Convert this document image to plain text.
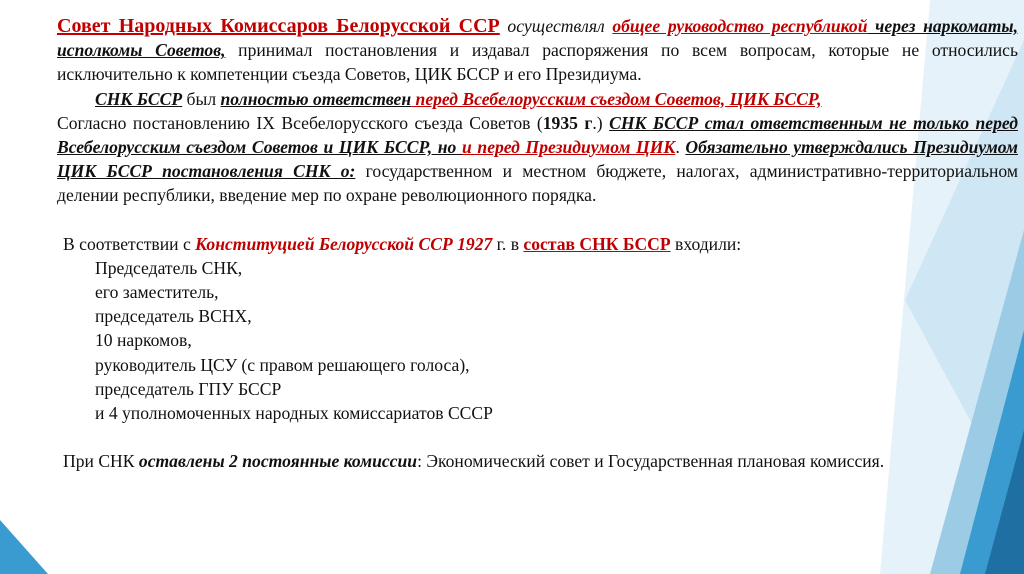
Совет Народных Комиссаров Белорусской ССР осуществлял общее руководство республикой через наркоматы, исполкомы Советов, принимал постановления и издавал распоряжения по всем вопросам, которые не относились исключительно к компетенции съезда Советов, ЦИК БССР и его Президиума.

СНК БССР был полностью ответствен перед Всебелорусским съездом Советов, ЦИК БССР,

Согласно постановлению IX Всебелорусского съезда Советов (1935 г.) СНК БССР стал ответственным не только перед Всебелорусским съездом Советов и ЦИК БССР, но и перед Президиумом ЦИК. Обязательно утверждались Президиумом ЦИК БССР постановления СНК о: государственном и местном бюджете, налогах, административно-территориальном делении республики, введение мер по охране революционного порядка.

В соответствии с Конституцией Белорусской ССР 1927 г. в состав СНК БССР входили:

Председатель СНК,

его заместитель,

председатель ВСНХ,

10 наркомов,

руководитель ЦСУ (с правом решающего голоса),

председатель ГПУ БССР

и 4 уполномоченных народных комиссариатов СССР

При СНК оставлены 2 постоянные комиссии: Экономический совет и Государственная плановая комиссия.
